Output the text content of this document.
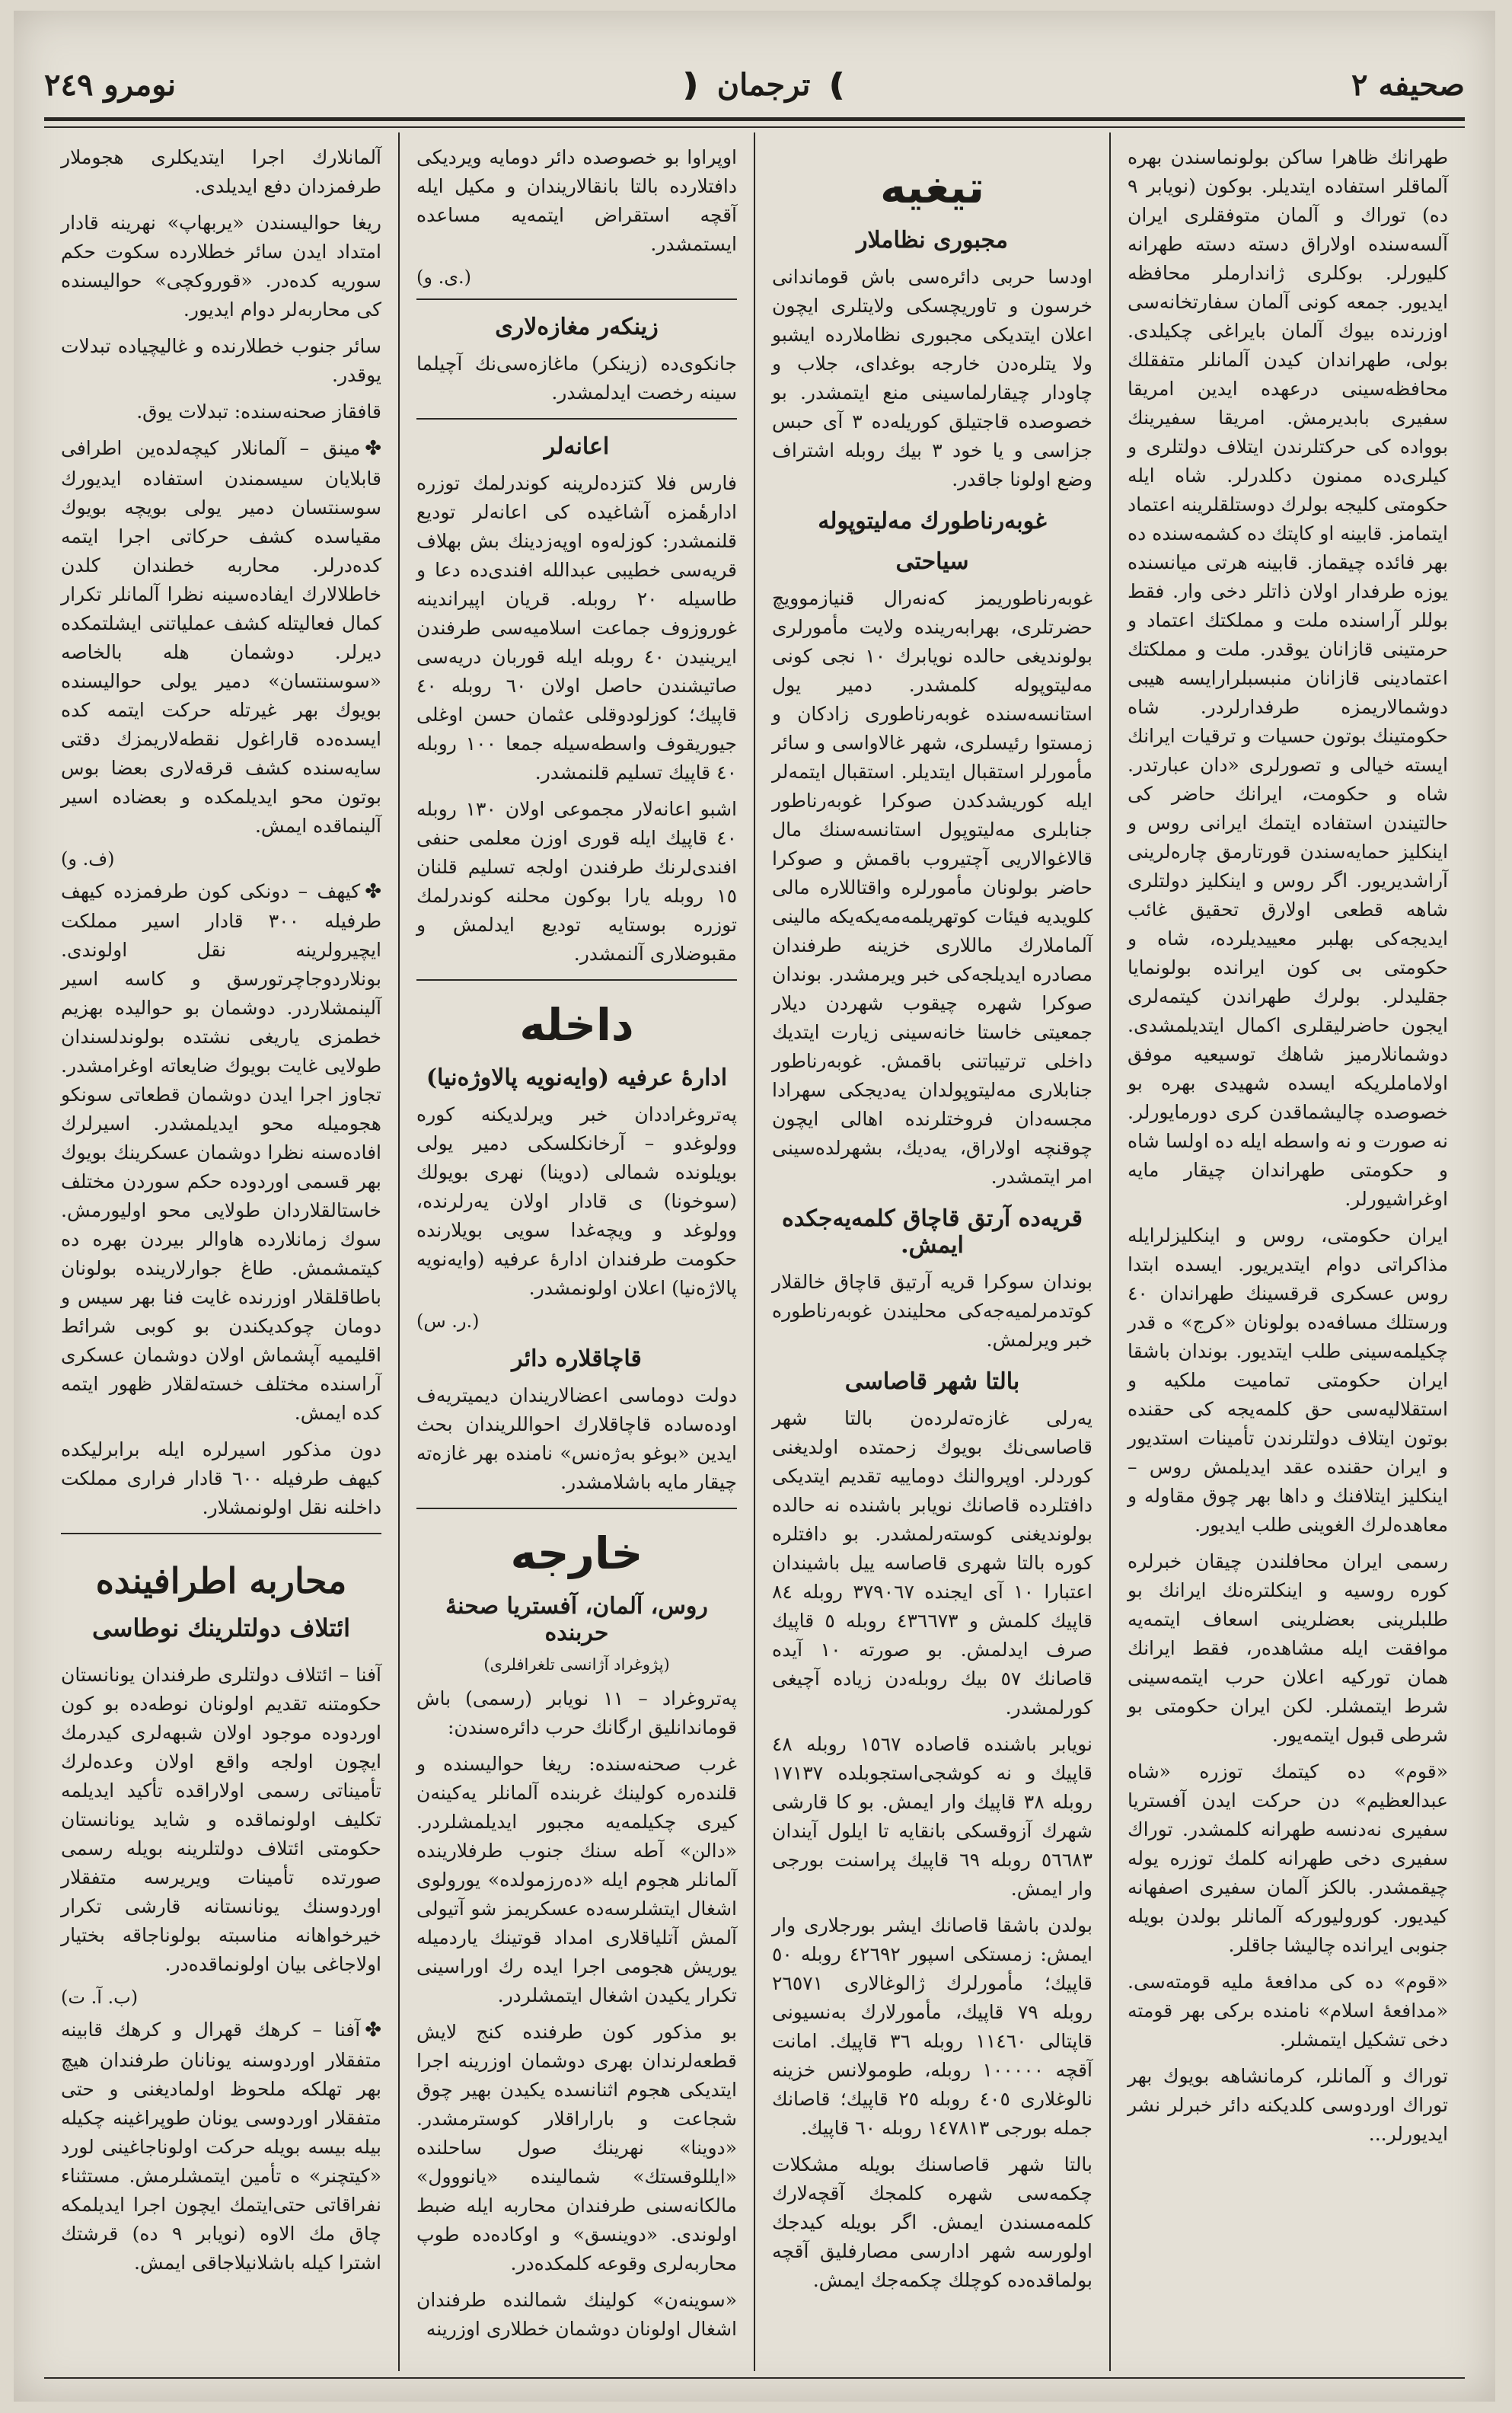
صحیفه ۲
❫
ترجمان
❪
نومرو ۲٤۹

طهرانك ظاهرا ساكن بولونماسندن بهره آلماقلر استفاده ایتدیلر. بوكون (نویابر ۹ ده) توراك و آلمان متوفقلری ایران آلسه‌سنده اولاراق دسته دسته طهرانه كلیورلر. بوكلری ژاندارملر محافظه ایدیور. جمعه كونی آلمان سفارتخانه‌سی اوزرنده بیوك آلمان بایراغی چكیلدی. بولی، طهراندان كیدن آلمانلر متفقلك محافظه‌سینی درعهده ایدین امریقا سفیری بابدیرمش. امریقا سفیرینك بوواده كی حركتلرندن ایتلاف دولتلری و كیلری‌ده ممنون دكلدرلر. شاه ایله حكومتی كلیجه بولرك دوستلقلرینه اعتماد ایتمامز. قابینه او كاپتك ده كشمه‌سنده ده بهر فائده چیقماز. قابینه هرتی میانسنده یوزه طرفدار اولان ذاتلر دخی وار. فقط بوللر آراسنده ملت و مملكتك اعتماد و حرمتینی قازانان یوقدر. ملت و مملكتك اعتمادینی قازانان منبسبلر‌ارا‌یسه هیبی دوشمالاریمزه طرفدارلردر. شاه حكومتینك بوتون حسیات و ترقیات ایرانك ایسته خیالی و تصورلری «دان عبارتدر. شاه و حكومت، ایرانك حاضر كی حالتیندن استفاده ایتمك ایرانی روس و اینكلیز حمایه‌سندن قورتارمق چاره‌لرینی آراشدیریور. اگر روس و اینكلیز دولتلری شاهه قطعی اولارق تحقیق غائب ایدیجه‌كی بهلبر معییدیلرده، شاه و حكومتی بی كون ایرانده بولونمایا جقلیدلر. بولرك طهراندن كیتمه‌لری ایجون حاضرلیقلری اكمال ایتدیلمشدی. دوشمانلارمیز شاهك توسیعیه موفق اولاماملریكه ایسده شهیدی بهره بو خصوصده چالیشماقدن كری دورمایورلر. نه صورت و نه واسطه ایله ده اولسا شاه و حكومتی طهراندان چیقار مایه اوغراشیورلر.

ایران حكومتی، روس و اینكلیزلرایله مذاكراتی دوام ایتدیریور. ایسده ابتدا روس عسكری قرقسینك طهراندان ٤٠ ورستلك مسافه‌ده بولونان «كرج» ه قدر چكیلمه‌سینی طلب ایتدیور. بوندان باشقا ایران حكومتی تمامیت ملكیه و استقلالیه‌سی حق كلمه‌یجه كی حقنده بوتون ایتلاف دولتلرندن تأمینات استدیور و ایران حقنده عقد ایدیلمش روس – اینكلیز ایتلافنك و داها بهر چوق مقاوله و معاهده‌لرك الغوینی طلب ایدیور.

رسمی ایران محافلندن چیقان خبرلره كوره روسیه و اینكلتره‌نك ایرانك بو طلبلرینی بعضلرینی اسعاف ایتمه‌یه موافقت ایله مشاهده‌ر، فقط ایرانك همان توركیه اعلان حرب ایتمه‌سینی شرط ایتمشلر. لكن ایران حكومتی بو شرطی قبول ایتمه‌یور.

«قوم» ده كیتمك توزره «شاه عبدالعظیم» دن حركت ایدن آفستریا سفیری نه‌دنسه طهرانه كلمشدر. توراك سفیری دخی طهرانه كلمك توزره یوله چیقمشدر. بالكز آلمان سفیری اصفهانه كیدیور. كورولیوركه آلمانلر بولدن بویله جنوبی ایرانده چالیشا جاقلر.

«قوم» ده كی مدافعهٔ ملیه قومته‌سی. «مدافعهٔ اسلام» نامنده بركی بهر قومته دخی تشكیل ایتمشلر.

توراك و آلمانلر، كرمانشاهه بویوك بهر توراك اوردوسی كلدیكنه دائر خبرلر نشر ایدیورلر...

تیغیه
مجبوری نظاملار

اودسا حربی دائره‌سی باش قوماندانی خرسون و تاوریچسكی ولایتلری ایچون اعلان ایتدیكی مجبوری نظاملارده ایشبو ولا یتلره‌دن خارجه بوغدای، جلاب و چاودار چیقارلماسینی منع ایتمشدر. بو خصوصده قاجتیلق كوریله‌ده ۳ آی حبس جزاسی و یا خود ۳ بیك روبله اشتراف وضع اولونا جاقدر.

غوبه‌رناطورك مه‌لیتوپوله
سیاحتی

غوبه‌رناطوریمز كه‌نه‌رال قنیازموویچ حضرتلری، بهرابه‌رینده ولایت مأمورلری بولوندیغی حالده نویابرك ۱۰ نجی كونی مه‌لیتوپوله كلمشدر. دمیر یول استانسه‌سنده غوبه‌رناطوری زادكان و زمستوا رئیسلری، شهر غالاواسی و سائر مأمورلر استقبال ایتدیلر. استقبال ایتمه‌لر ایله كوریشدكدن صوكرا غوبه‌رناطور جنابلری مه‌لیتوپول استانسه‌سنك مال قالاغوالاریی آچتیروب باقمش و صوكرا حاضر بولونان مأمورلره واقتاللاره مالی كلویدیه فیئات كوتهریلمه‌مه‌یكه‌یكه مالینی آلماملارك ماللاری خزینه طرفندان مصادره ایدیلجه‌كی خبر ویرمشدر. بوندان صوكرا شهره چیقوب شهردن دیلار جمعیتی خاستا خانه‌سینی زیارت ایتدیك داخلی ترتیباتنی باقمش. غوبه‌رناطور جنابلاری مه‌لیتوپولدان یه‌دیجكی سهرادا مجسه‌دان فروختلرنده اهالی ایچون چوقنچه اولاراق، یه‌دیك، بشهرلده‌سینی امر ایتمشدر.

قریه‌ده آرتق قاچاق كلمه‌یه‌جكده ایمش.

بوندان سوكرا قریه آرتیق قاچاق خالقلار كوتدمرلمیه‌جه‌كی محلیندن غوبه‌رناطوره خبر ویرلمش.

بالتا شهر قاصاسی

یه‌رلی غازه‌ته‌لرده‌ن بالتا شهر قاصاسی‌نك بویوك زحمتده اولدیغنی كوردلر. اوپروالنك دوماییه تقدیم ایتدیكی دافتلرده قاصانك نویابر باشنده نه حالده بولوندیغنی كوسته‌رلمشدر. بو دافتلره كوره بالتا شهری قاصاسه ییل باشیندان اعتبارا ۱۰ آی ایجنده ۳۷۹۰٦۷ روبله ۸٤ قاپیك كلمش و ٤۳٦٦۷۳ روبله ٥ قاپیك صرف ایدلمش. بو صورته ۱۰ آیده قاصانك ٥۷ بیك روبله‌دن زیاده آچیغی كورلمشدر.

نویابر باشنده قاصاده ۱٥٦۷ روبله ٤۸ قاپیك و نه كوشجی‌استجوبلده ۱۷۱۳۷ روبله ۳۸ قاپیك وار ایمش. بو كا قارشی شهرك آزوقسكی بانقایه تا ایلول آیندان ٥٦٦۸۳ روبله ٦۹ قاپیك پراسنت بورجی وار ایمش.

بولدن باشقا قاصانك ایشر بورجلاری وار ایمش: زمستكی اسپور ٤۲٦۹۲ روبله ٥٠ قاپیك؛ مأمورلرك ژالوغالاری ۲٦٥۷۱ روبله ۷۹ قاپیك، مأمورلارك به‌نسیونی قاپتالی ۱۱٤٦٠ روبله ۳٦ قاپیك. امانت آقچه ۱٠٠٠٠٠ روبله، طومولانس خزینه نالوغلاری ٤٠٥ روبله ۲٥ قاپیك؛ قاصانك جمله بورجی ۱٤۷۸۱۳ روبله ٦٠ قاپیك.

بالتا شهر قاصاسنك بویله مشكلات چكمه‌سی شهره كلمجك آقچه‌لارك كلمه‌مسندن ایمش. اگر بویله كیدجك اولورسه شهر ادارسی مصارفلیق آقچه بولماقده‌ده كوچلك چكمه‌جك ایمش.

اوپراوا بو خصوصده دائر دومایه ویردیكی دافتلارده بالتا بانقالاریندان و مكیل ایله آقچه استقراض ایتمه‌یه مساعده ایستمشدر.

(ی. و.)
زینكه‌ر مغازه‌لاری

جانكوی‌ده (زینكر) ماغازه‌سی‌نك آچیلما سینه رخصت ایدلمشدر.

اعانه‌لر

فارس فلا كتزده‌لرینه كوندرلمك توزره ادارهٔمزه آشاغیده كی اعانه‌لر تودیع قلنمشدر: كوزله‌وه اوپه‌زدینك بش بهلاف قریه‌سی خطیبی عبدالله افندی‌ده دعا و طاسیله ۲٠ روبله. قریان اپیراندینه غوروزوف جماعت اسلامیه‌سی طرفندن ایرینیدن ٤٠ روبله ایله قوربان دریه‌سی صاتیشندن حاصل اولان ٦٠ روبله ٤٠ قاپیك؛ كوزلودوقلی عثمان حسن اوغلی جیوریقوف واسطه‌سیله جمعا ۱٠٠ روبله ٤٠ قاپیك تسلیم قلنمشدر.

اشبو اعانه‌لار مجموعی اولان ۱۳٠ روبله ٤٠ قاپیك ایله قوری اوزن معلمی حنفی افندی‌لرنك طرفندن اولجه تسلیم قلنان ۱٥ روبله یارا بوكون محلنه كوندرلمك توزره بوستایه تودیع ایدلمش و مقبوضلاری آلنمشدر.

داخله
ادارهٔ عرفیه (وایه‌نویه پالاوژه‌نیا)

په‌تروغراددان خبر ویرلدیكنه كوره وولوغدو – آرخانكلسكی دمیر یولی بویلونده شمالی (دوینا) نهری بویولك (سوخونا) ی قادار اولان یه‌رلرنده، وولوغد و ویچه‌غدا سویی بویلارنده حكومت طرفندان ادارهٔ عرفیه (وایه‌نویه پالاژه‌نیا) اعلان اولونمشدر.

(ر. س.)
قاچاقلاره دائر

دولت دوماسی اعضالاریندان دیمیتریه‌ف اوده‌ساده قاچاقلارك احواللریندان بحث ایدین «بوغو به‌ژه‌نس» نامنده بهر غازه‌ته چیقار مایه باشلامشدر.

خارجه
روس، آلمان، آفستریا صحنهٔ حربنده
(پژوغراد آژانسی تلغرافلری)

په‌تروغراد – ۱۱ نویابر (رسمی) باش قوماندانلیق ارگانك حرب دائره‌سندن:

غرب صحنه‌سنده: ریغا حوالیسنده و قلنده‌ره كولینك غربنده آلمانلر یه‌كینه‌ن كیری چكیلمه‌یه مجبور ایدیلمشلردر. «دالن» آطه سنك جنوب طرفلارینده آلمانلر هجوم ایله «ده‌رزمولده» یورولوی اشغال ایتشلرسه‌ده عسكریمز شو آتیولی آلمش آتلیاقلاری امداد قوتینك یاردمیله یوریش هجومی اجرا ایده رك اوراسینی تكرار یكیدن اشغال ایتمشلردر.

بو مذكور كون طرفنده كنج لایش قطعه‌لرندان بهری دوشمان اوزرینه اجرا ایتدیكی هجوم اثنانسده یكیدن بهیر چوق شجاعت و باراراقلار كوسترمشدر. «دوینا» نهرینك صول ساحلنده «ایللوقستك» شمالینده «یانووول» مالكانه‌سنی طرفندان محاربه ایله ضبط اولوندی. «دوینسق» و اوكاده‌ده طوپ محاربه‌لری وقوعه كلمكده‌در.

«سوینه‌ن» كولینك شمالنده طرفندان اشغال اولونان دوشمان خطلاری اوزرینه

آلمانلارك اجرا ایتدیكلری هجوملار طرفمزدان دفع ایدیلدی.

ریغا حوالیسندن «یربهاپ» نهرینه قادار امتداد ایدن سائر خطلارده سكوت حكم سوریه كده‌در. «قوروكچی» حوالیسنده كی محاربه‌لر دوام ایدیور.

سائر جنوب خطلارنده و غالیچیاده تبدلات یوقدر.

قافقاز صحنه‌سنده: تبدلات یوق.

✤مینق – آلمانلار كیچه‌لده‌ین اطرافی قابلایان سیسمندن استفاده ایدیورك سوسنتسان دمیر یولی بویچه بویوك مقیاسده كشف حركاتی اجرا ایتمه كده‌درلر. محاربه خطندان كلدن خاطلالارك ایفاده‌سینه نظرا آلمانلر تكرار كمال فعالیتله كشف عملیاتنی ایشلتمكده دیرلر. دوشمان هله بالخاصه «سوسنتسان» دمیر یولی حوالیسنده بویوك بهر غیرتله حركت ایتمه كده ایسده‌ده قاراغول نقطه‌لاریمزك دقتی سایه‌سنده كشف قرقه‌لاری بعضا بوس بوتون محو ایدیلمكده و بعضاده اسیر آلینماقده ایمش.

(ف. و)

✤كیهف – دونكی كون طرفمزده كیهف طرفیله ۳٠٠ قادار اسیر مملكت ایچیرولرینه نقل اولوندی. بونلاردوجاچرتورسق و كاسه اسیر آلینمشلاردر. دوشمان بو حوالیده بهزیم خطمزی یاریغی نشتده بولوندلسندان طولایی غایت بویوك ضایعاته اوغرامشدر. تجاوز اجرا ایدن دوشمان قطعاتی سونكو هجومیله محو ایدیلمشدر. اسیرلرك افاده‌سنه نظرا دوشمان عسكرینك بویوك بهر قسمی اوردوده حكم سوردن مختلف خاستالقلاردان طولایی محو اولیورمش. سوك زمانلارده هاوالر بیردن بهره ده كیتمشمش. طاغ جوارلارینده بولونان باطاقلقلار اوزرنده غایت فنا بهر سیس و دومان چوكدیكندن بو كوبی شرائط اقلیمیه آپشماش اولان دوشمان عسكری آراسنده مختلف خسته‌لقلار ظهور ایتمه كده ایمش.

دون مذكور اسیرلره ایله برابرلیكده كیهف طرفیله ٦٠٠ قادار فراری مملكت داخلنه نقل اولونمشلار.

محاربه اطرافینده
ائتلاف دولتلرینك نوطاسی

آفنا – ائتلاف دولتلری طرفندان یونانستان حكومتنه تقدیم اولونان نوطه‌ده بو كون اوردوده موجود اولان شبهه‌لری كیدرمك ایچون اولجه واقع اولان وعده‌لرك تأمیناتی رسمی اولاراقده تأكید ایدیلمه تكلیف اولونماقده و شاید یونانستان حكومتی ائتلاف دولتلرینه بویله رسمی صورتده تأمینات ویریرسه متفقلار اوردوسنك یونانستانه قارشی تكرار خیرخواهانه مناسبته بولوناجاقه بختیار اولاجاغی بیان اولونماقده‌در.

(ب. آ. ت)

✤آفنا – كرهك قهرال و كرهك قابینه متفقلار اوردوسنه یونانان طرفندان هیچ بهر تهلكه ملحوظ اولمادیغنی و حتی متفقلار اوردوسی یونان طوپراغینه چكیله بیله بیسه بویله حركت اولوناجاغینی لورد «كیتچنر» ه تأمین ایتمشلرمش. مستثناء نفراقاتی حتی‌ایتمك ایچون اجرا ایدیلمكه چاق مك الاوه (نویابر ۹ ده) قرشتك اشترا كیله باشلانیلاجاقی ایمش.
